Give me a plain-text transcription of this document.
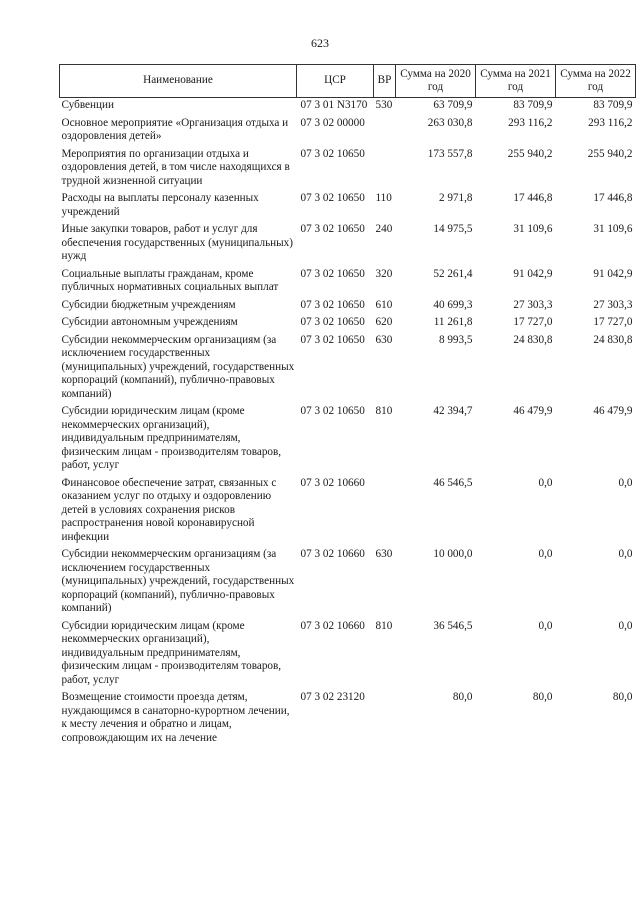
623
Наименование	ЦСР	ВР	Сумма на 2020 год	Сумма на 2021 год	Сумма на 2022 год
Субвенции	07 3 01 N3170	530	63 709,9	83 709,9	83 709,9
Основное мероприятие «Организация отдыха и оздоровления детей»	07 3 02 00000		263 030,8	293 116,2	293 116,2
Мероприятия по организации отдыха и оздоровления детей, в том числе находящихся в трудной жизненной ситуации	07 3 02 10650		173 557,8	255 940,2	255 940,2
Расходы на выплаты персоналу казенных учреждений	07 3 02 10650	110	2 971,8	17 446,8	17 446,8
Иные закупки товаров, работ и услуг для обеспечения государственных (муниципальных) нужд	07 3 02 10650	240	14 975,5	31 109,6	31 109,6
Социальные выплаты гражданам, кроме публичных нормативных социальных выплат	07 3 02 10650	320	52 261,4	91 042,9	91 042,9
Субсидии бюджетным учреждениям	07 3 02 10650	610	40 699,3	27 303,3	27 303,3
Субсидии автономным учреждениям	07 3 02 10650	620	11 261,8	17 727,0	17 727,0
Субсидии некоммерческим организациям (за исключением государственных (муниципальных) учреждений, государственных корпораций (компаний), публично-правовых компаний)	07 3 02 10650	630	8 993,5	24 830,8	24 830,8
Субсидии юридическим лицам (кроме некоммерческих организаций), индивидуальным предпринимателям, физическим лицам - производителям товаров, работ, услуг	07 3 02 10650	810	42 394,7	46 479,9	46 479,9
Финансовое обеспечение затрат, связанных с оказанием услуг по отдыху и оздоровлению детей в условиях сохранения рисков распространения новой коронавирусной инфекции	07 3 02 10660		46 546,5	0,0	0,0
Субсидии некоммерческим организациям (за исключением государственных (муниципальных) учреждений, государственных корпораций (компаний), публично-правовых компаний)	07 3 02 10660	630	10 000,0	0,0	0,0
Субсидии юридическим лицам (кроме некоммерческих организаций), индивидуальным предпринимателям, физическим лицам - производителям товаров, работ, услуг	07 3 02 10660	810	36 546,5	0,0	0,0
Возмещение стоимости проезда детям, нуждающимся в санаторно-курортном лечении, к месту лечения и обратно и лицам, сопровождающим их на лечение	07 3 02 23120		80,0	80,0	80,0
